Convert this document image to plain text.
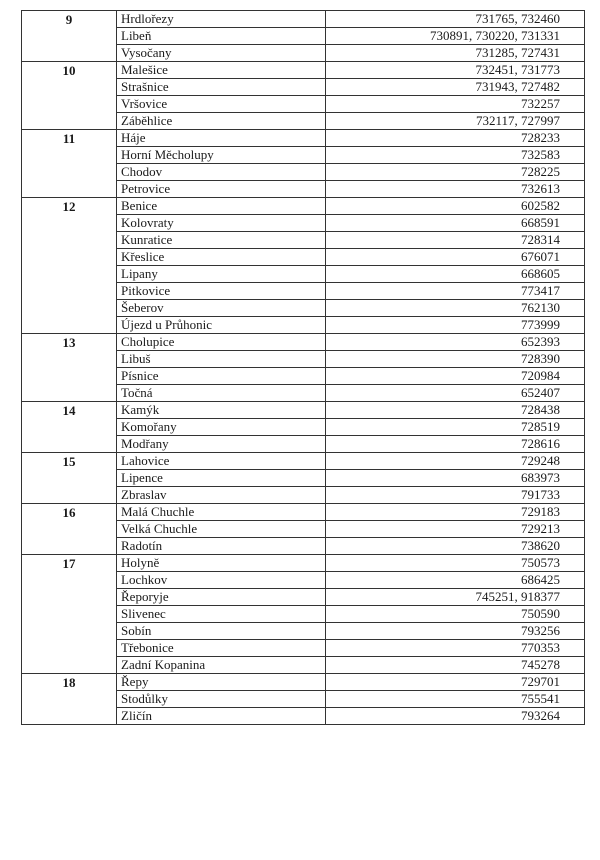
9	Hrdlořezy	731765, 732460
	Libeň	730891, 730220, 731331
	Vysočany	731285, 727431
10	Malešice	732451, 731773
	Strašnice	731943, 727482
	Vršovice	732257
	Záběhlice	732117, 727997
11	Háje	728233
	Horní Měcholupy	732583
	Chodov	728225
	Petrovice	732613
12	Benice	602582
	Kolovraty	668591
	Kunratice	728314
	Křeslice	676071
	Lipany	668605
	Pitkovice	773417
	Šeberov	762130
	Újezd u Průhonic	773999
13	Cholupice	652393
	Libuš	728390
	Písnice	720984
	Točná	652407
14	Kamýk	728438
	Komořany	728519
	Modřany	728616
15	Lahovice	729248
	Lipence	683973
	Zbraslav	791733
16	Malá Chuchle	729183
	Velká Chuchle	729213
	Radotín	738620
17	Holyně	750573
	Lochkov	686425
	Řeporyje	745251, 918377
	Slivenec	750590
	Sobín	793256
	Třebonice	770353
	Zadní Kopanina	745278
18	Řepy	729701
	Stodůlky	755541
	Zličín	793264
